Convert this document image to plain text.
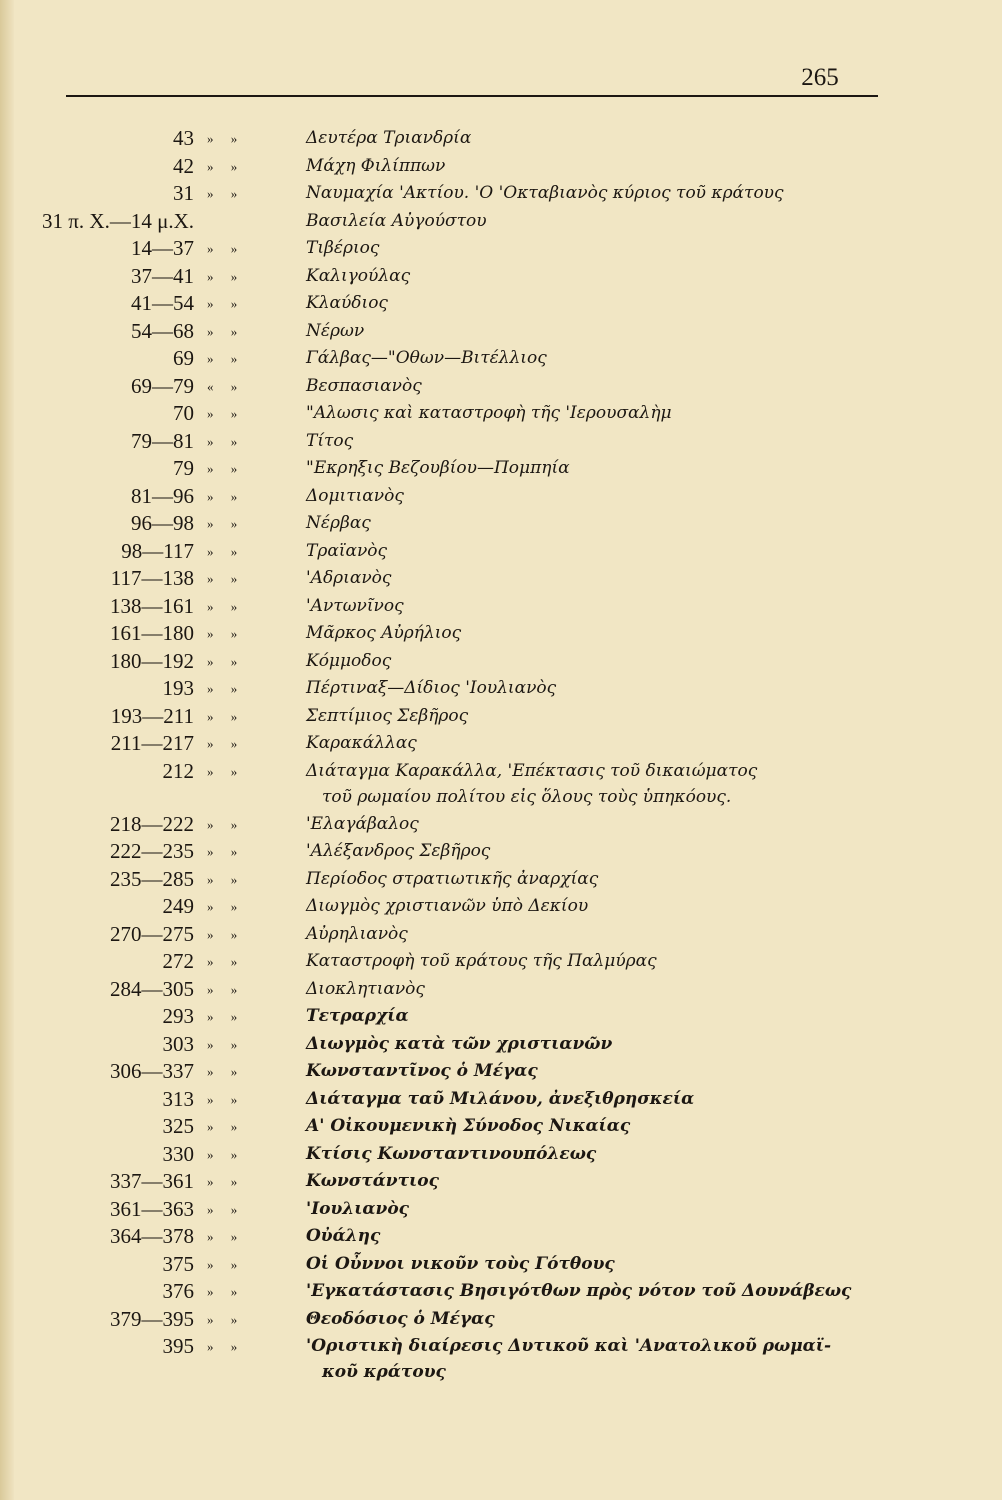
265
43 » »	Δευτέρα Τριανδρία
42 » »	Μάχη Φιλίππων
31 » »	Ναυμαχία 'Ακτίου. 'Ο 'Οκταβιανὸς κύριος τοῦ κράτους
31 π. Χ.—14 μ.Χ.	Βασιλεία Αὐγούστου
14—37 » »	Τιβέριος
37—41 » »	Καλιγούλας
41—54 » »	Κλαύδιος
54—68 » »	Νέρων
69 » »	Γάλβας—"Οθων—Βιτέλλιος
69—79 « »	Βεσπασιανὸς
70 » »	"Αλωσις καὶ καταστροφὴ τῆς 'Ιερουσαλὴμ
79—81 » »	Τίτος
79 » »	"Εκρηξις Βεζουβίου—Πομπηία
81—96 » »	Δομιτιανὸς
96—98 » »	Νέρβας
98—117 » »	Τραϊανὸς
117—138 » »	'Αδριανὸς
138—161 » »	'Αντωνῖνος
161—180 » »	Μᾶρκος Αὐρήλιος
180—192 » »	Κόμμοδος
193 » »	Πέρτιναξ—Δίδιος 'Ιουλιανὸς
193—211 » »	Σεπτίμιος Σεβῆρος
211—217 » »	Καρακάλλας
212 » »	Διάταγμα Καρακάλλα, 'Επέκτασις τοῦ δικαιώματος
τοῦ ρωμαίου πολίτου εἰς ὅλους τοὺς ὑπηκόους.
218—222 » »	'Ελαγάβαλος
222—235 » »	'Αλέξανδρος Σεβῆρος
235—285 » »	Περίοδος στρατιωτικῆς ἀναρχίας
249 » »	Διωγμὸς χριστιανῶν ὑπὸ Δεκίου
270—275 » »	Αὐρηλιανὸς
272 » »	Καταστροφὴ τοῦ κράτους τῆς Παλμύρας
284—305 » »	Διοκλητιανὸς
293 » »	Τετραρχία
303 » »	Διωγμὸς κατὰ τῶν χριστιανῶν
306—337 » »	Κωνσταντῖνος ὁ Μέγας
313 » »	Διάταγμα ταῦ Μιλάνου, ἀνεξιθρησκεία
325 » »	Α' Οἰκουμενικὴ Σύνοδος Νικαίας
330 » »	Κτίσις Κωνσταντινουπόλεως
337—361 » »	Κωνστάντιος
361—363 » »	'Ιουλιανὸς
364—378 » »	Οὐάλης
375 » »	Οἱ Οὖννοι νικοῦν τοὺς Γότθους
376 » »	'Εγκατάστασις Βησιγότθων πρὸς νότον τοῦ Δουνάβεως
379—395 » »	Θεοδόσιος ὁ Μέγας
395 » »	'Οριστικὴ διαίρεσις Δυτικοῦ καὶ 'Ανατολικοῦ ρωμαϊ-
κοῦ κράτους
